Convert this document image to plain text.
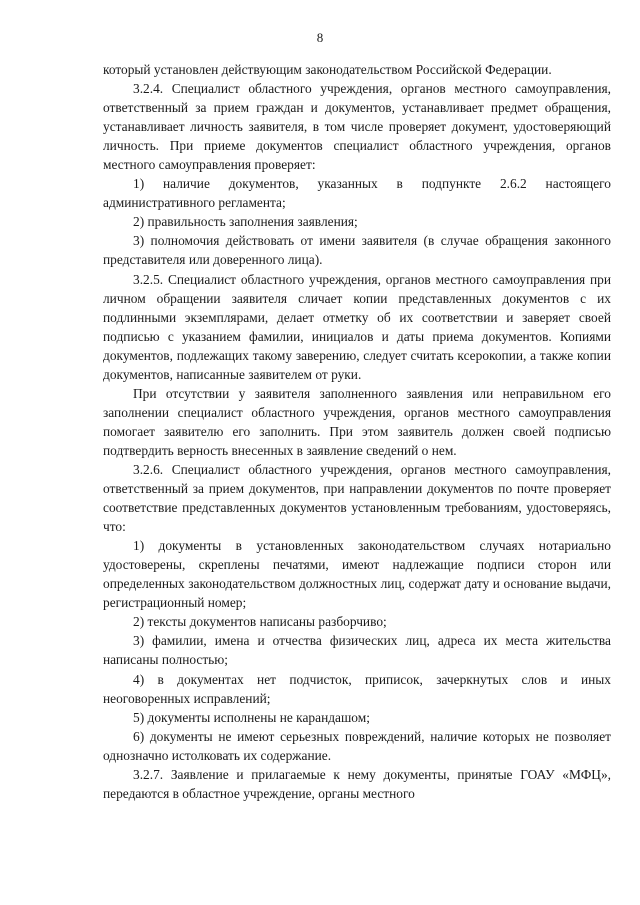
8

который установлен действующим законодательством Российской Федерации.

3.2.4. Специалист областного учреждения, органов местного самоуправления, ответственный за прием граждан и документов, устанавливает предмет обращения, устанавливает личность заявителя, в том числе проверяет документ, удостоверяющий личность. При приеме документов специалист областного учреждения, органов местного самоуправления проверяет:

1) наличие документов, указанных в подпункте 2.6.2 настоящего административного регламента;

2) правильность заполнения заявления;

3) полномочия действовать от имени заявителя (в случае обращения законного представителя или доверенного лица).

3.2.5. Специалист областного учреждения, органов местного самоуправления при личном обращении заявителя сличает копии представленных документов с их подлинными экземплярами, делает отметку об их соответствии и заверяет своей подписью с указанием фамилии, инициалов и даты приема документов. Копиями документов, подлежащих такому заверению, следует считать ксерокопии, а также копии документов, написанные заявителем от руки.

При отсутствии у заявителя заполненного заявления или неправильном его заполнении специалист областного учреждения, органов местного самоуправления помогает заявителю его заполнить. При этом заявитель должен своей подписью подтвердить верность внесенных в заявление сведений о нем.

3.2.6. Специалист областного учреждения, органов местного самоуправления, ответственный за прием документов, при направлении документов по почте проверяет соответствие представленных документов установленным требованиям, удостоверяясь, что:

1) документы в установленных законодательством случаях нотариально удостоверены, скреплены печатями, имеют надлежащие подписи сторон или определенных законодательством должностных лиц, содержат дату и основание выдачи, регистрационный номер;

2) тексты документов написаны разборчиво;

3) фамилии, имена и отчества физических лиц, адреса их места жительства написаны полностью;

4) в документах нет подчисток, приписок, зачеркнутых слов и иных неоговоренных исправлений;

5) документы исполнены не карандашом;

6) документы не имеют серьезных повреждений, наличие которых не позволяет однозначно истолковать их содержание.

3.2.7. Заявление и прилагаемые к нему документы, принятые ГОАУ «МФЦ», передаются в областное учреждение, органы местного
